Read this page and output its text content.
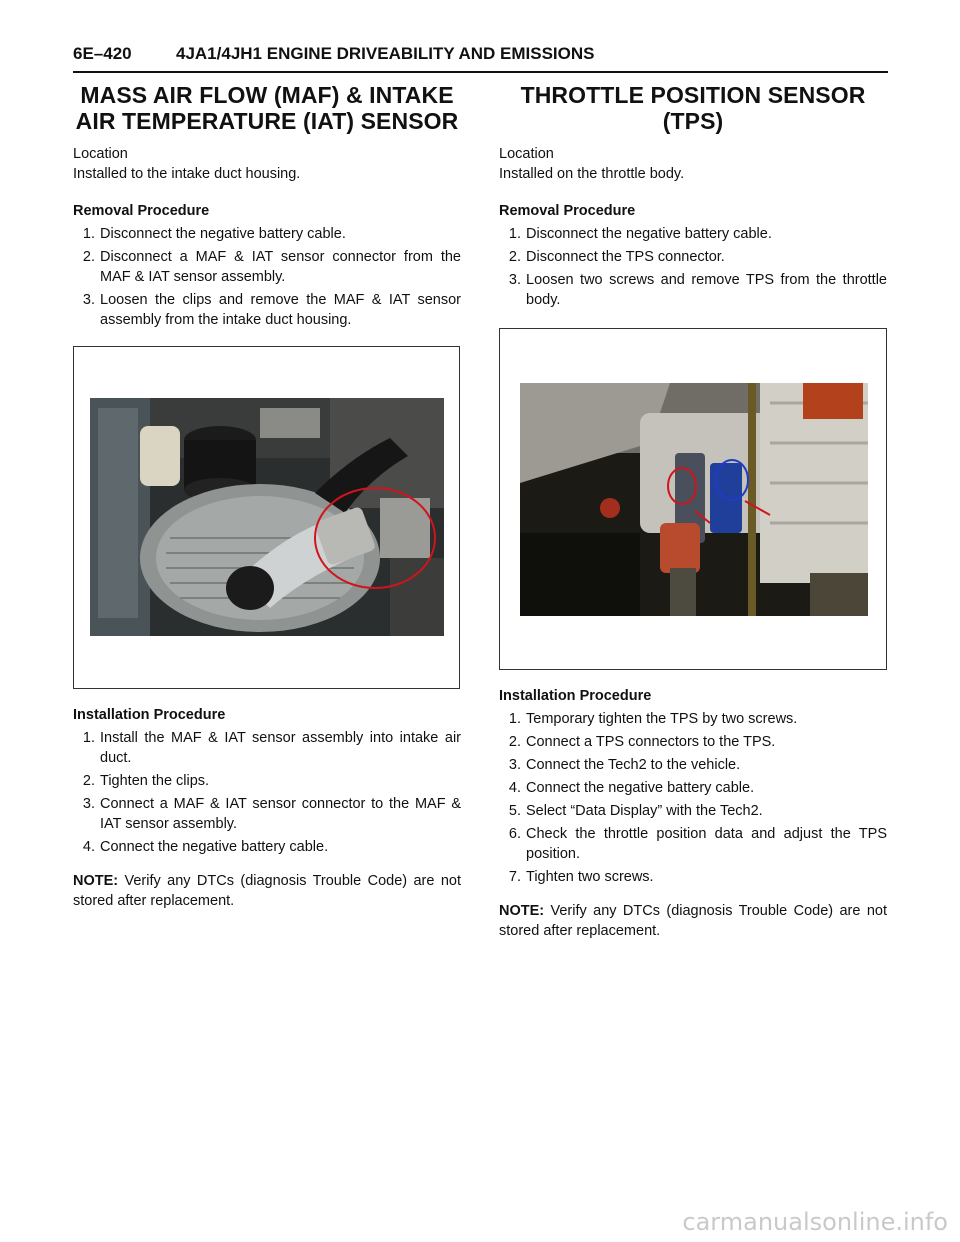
6E–420	4JA1/4JH1 ENGINE DRIVEABILITY AND EMISSIONS
MASS AIR FLOW (MAF) & INTAKE
AIR TEMPERATURE (IAT) SENSOR

Location

Installed to the intake duct housing.

Removal Procedure
1. Disconnect the negative battery cable.
2. Disconnect a MAF & IAT sensor connector from the MAF & IAT sensor assembly.
3. Loosen the clips and remove the MAF & IAT sensor assembly from the intake duct housing.
Installation Procedure
1. Install the MAF & IAT sensor assembly into intake air duct.
2. Tighten the clips.
3. Connect a MAF & IAT sensor connector to the MAF & IAT sensor assembly.
4. Connect the negative battery cable.

NOTE: Verify any DTCs (diagnosis Trouble Code) are not stored after replacement.

THROTTLE POSITION SENSOR
(TPS)

Location

Installed on the throttle body.

Removal Procedure
1. Disconnect the negative battery cable.
2. Disconnect the TPS connector.
3. Loosen two screws and remove TPS from the throttle body.
Installation Procedure
1. Temporary tighten the TPS by two screws.
2. Connect a TPS connectors to the TPS.
3. Connect the Tech2 to the vehicle.
4. Connect the negative battery cable.
5. Select “Data Display” with the Tech2.
6. Check the throttle position data and adjust the TPS position.
7. Tighten two screws.

NOTE: Verify any DTCs (diagnosis Trouble Code) are not stored after replacement.

carmanualsonline.info
